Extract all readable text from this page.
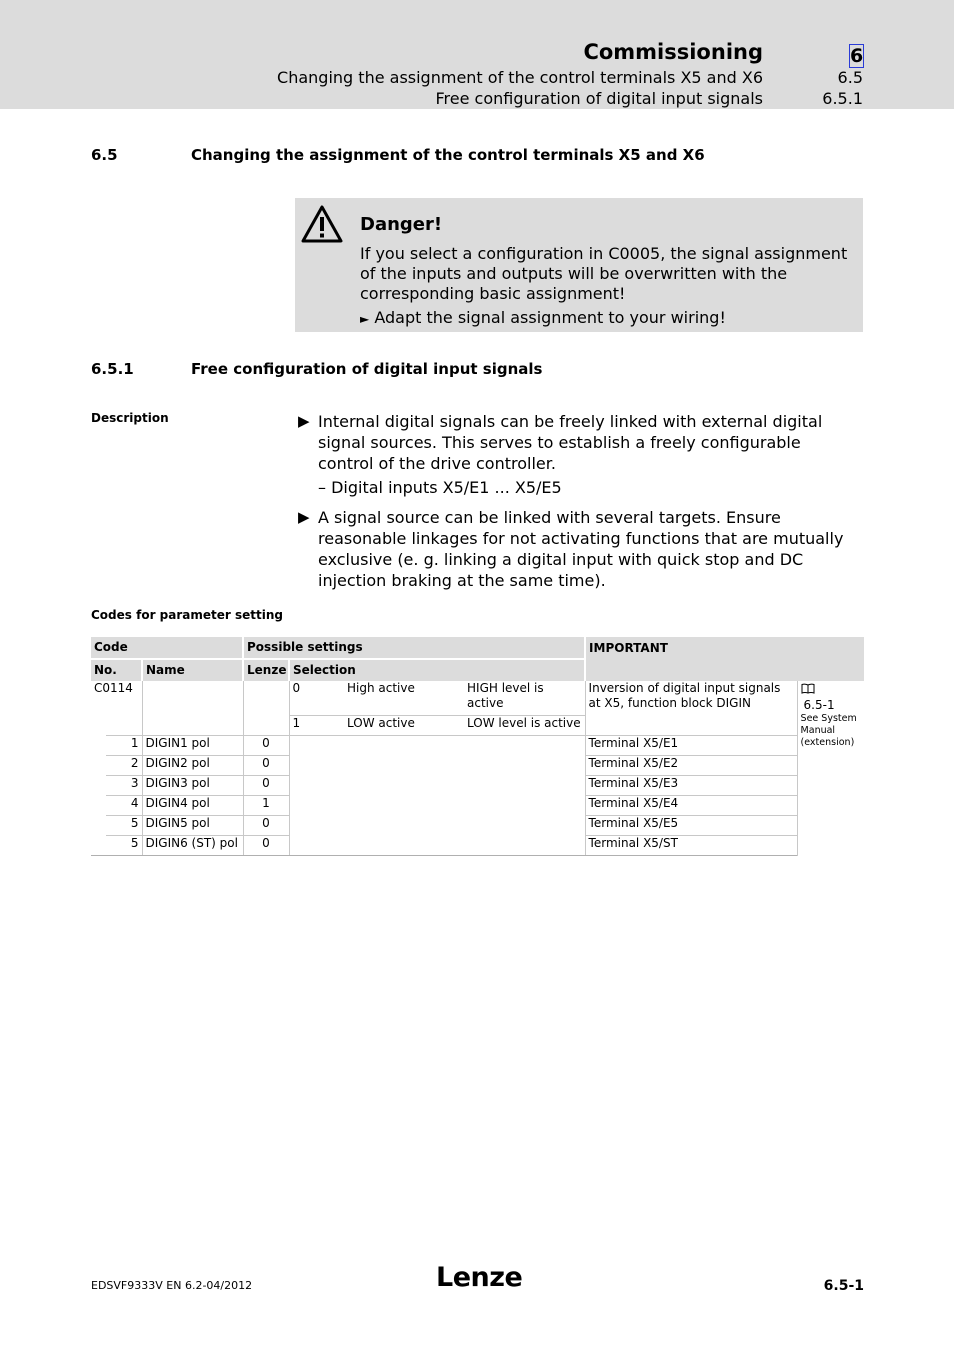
Commissioning
Changing the assignment of the control terminals X5 and X6
Free configuration of digital input signals
6
6.5
6.5.1
6.5	Changing the assignment of the control terminals X5 and X6
Danger!
If you select a configuration in C0005, the signal assignment of the inputs and outputs will be overwritten with the corresponding basic assignment!
► Adapt the signal assignment to your wiring!
6.5.1	Free configuration of digital input signals
Description	▶ Internal digital signals can be freely linked with external digital signal sources. This serves to establish a freely configurable control of the drive controller.
– Digital inputs X5/E1 ... X5/E5
▶ A signal source can be linked with several targets. Ensure reasonable linkages for not activating functions that are mutually exclusive (e. g. linking a digital input with quick stop and DC injection braking at the same time).
Codes for parameter setting
Code			Possible settings				IMPORTANT	
No.		Name	Lenze	Selection				
C0114				0	High active	HIGH level is active	Inversion of digital input signals at X5, function block DIGIN	6.5-1
See System Manual (extension)

				1	LOW active	LOW level is active		
	1	DIGIN1 pol	0				Terminal X5/E1	
	2	DIGIN2 pol	0				Terminal X5/E2	
	3	DIGIN3 pol	0				Terminal X5/E3	
	4	DIGIN4 pol	1				Terminal X5/E4	
	5	DIGIN5 pol	0				Terminal X5/E5	
	5	DIGIN6 (ST) pol	0				Terminal X5/ST	
EDSVF9333V EN 6.2-04/2012	Lenze	6.5-1
